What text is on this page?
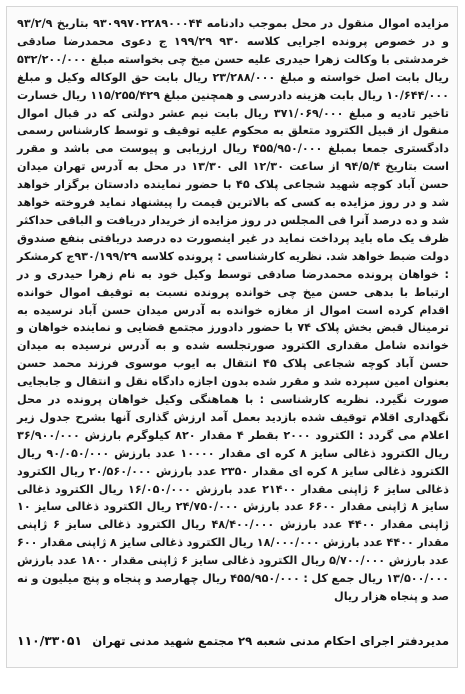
مزایده اموال منقول در محل بموجب دادنامه ۹۳۰۹۹۷۰۲۲۸۹۰۰۰۴۴ بتاریخ ۹۳/۲/۹ و در خصوص پرونده اجرایی کلاسه ۹۳۰ ۱۹۹/۲۹ ج دعوی محمدرضا صادقی خرمدشتی با وکالت زهرا حیدری علیه حسن میخ چی بخواسته مبلغ ۵۳۲/۲۰۰/۰۰۰ ریال بابت اصل خواسته و مبلغ ۲۳/۲۸۸/۰۰۰ ریال بابت حق الوکاله وکیل و مبلغ ۱۰/۶۴۴/۰۰۰ ریال بابت هزینه دادرسی و همچنین مبلغ ۱۱۵/۲۵۵/۴۲۹ ریال خسارت تاخیر تادیه و مبلغ ۳۷۱/۰۶۹/۰۰۰ ریال بابت نیم عشر دولتی که در قبال اموال منقول از قبیل الکترود متعلق به محکوم علیه توقیف و توسط کارشناس رسمی دادگستری جمعا بمبلغ ۴۵۵/۹۵۰/۰۰۰ ریال ارزیابی و پیوست می باشد و مقرر است بتاریخ ۹۴/۵/۴ از ساعت ۱۲/۳۰ الی ۱۳/۳۰ در محل به آدرس تهران میدان حسن آباد کوچه شهید شجاعی پلاک ۴۵ با حضور نماینده دادستان برگزار خواهد شد و در روز مزایده به کسی که بالاترین قیمت را پیشنهاد نماید فروخته خواهد شد و ده درصد آنرا فی المجلس در روز مزایده از خریدار دریافت و الباقی حداکثر ظرف یک ماه باید پرداخت نماید در غیر اینصورت ده درصد دریافتی بنفع صندوق دولت ضبط خواهد شد. نظریه کارشناسی : پرونده کلاسه ۹۳۰/۱۹۹/۲۹ج کرمشکر : خواهان پرونده محمدرضا صادقی توسط وکیل خود به نام زهرا حیدری و در ارتباط با بدهی حسن میخ چی خوانده پرونده نسبت به توقیف اموال خوانده اقدام کرده است اموال از مغازه خوانده به آدرس میدان حسن آباد نرسیده به ترمینال قبض بخش پلاک ۷۴ با حضور دادورز مجتمع قضایی و نماینده خواهان و خوانده شامل مقداری الکترود صورتجلسه شده و به آدرس نرسیده به میدان حسن آباد کوچه شجاعی پلاک ۴۵ انتقال به ایوب موسوی فرزند محمد حسن بعنوان امین سپرده شد و مقرر شده بدون اجازه دادگاه نقل و انتقال و جابجایی صورت نگیرد. نظریه کارشناسی : با هماهنگی وکیل خواهان پرونده در محل نگهداری اقلام توقیف شده بازدید بعمل آمد ارزش گذاری آنها بشرح جدول زیر اعلام می گردد : الکترود ۲۰۰۰ بقطر ۴ مقدار ۸۲۰ کیلوگرم بارزش ۳۶/۹۰۰/۰۰۰ ریال الکترود ذغالی سایز ۸ کره ای مقدار ۱۰۰۰۰ عدد بارزش ۹۰/۰۵۰/۰۰۰ ریال الکترود ذغالی سایز ۸ کره ای مقدار ۲۳۵۰ عدد بارزش ۲۰/۵۶۰/۰۰۰ ریال الکترود ذغالی سایز ۶ ژاپنی مقدار ۲۱۴۰۰ عدد بارزش ۱۶/۰۵۰/۰۰۰ ریال الکترود ذغالی سایز ۸ ژاپنی مقدار ۶۶۰۰ عدد بارزش ۲۴/۷۵۰/۰۰۰ ریال الکترود ذغالی سایز ۱۰ ژاپنی مقدار ۴۴۰۰ عدد بارزش ۴۸/۴۰۰/۰۰۰ ریال الکترود ذغالی سایز ۶ ژاپنی مقدار ۴۴۰۰ عدد بارزش ۱۸/۰۰۰/۰۰۰ ریال الکترود ذغالی سایز ۸ ژاپنی مقدار ۶۰۰ عدد بارزش ۵/۷۰۰/۰۰۰ ریال الکترود ذغالی سایز ۶ ژاپنی مقدار ۱۸۰۰ عدد بارزش ۱۳/۵۰۰/۰۰۰ ریال جمع کل : ۴۵۵/۹۵۰/۰۰۰ ریال چهارصد و پنجاه و پنج میلیون و نه صد و پنجاه هزار ریال

مدیردفتر اجرای احکام مدنی شعبه ۲۹ مجتمع شهید مدنی تهران
۱۱۰/۳۳۰۵۱
